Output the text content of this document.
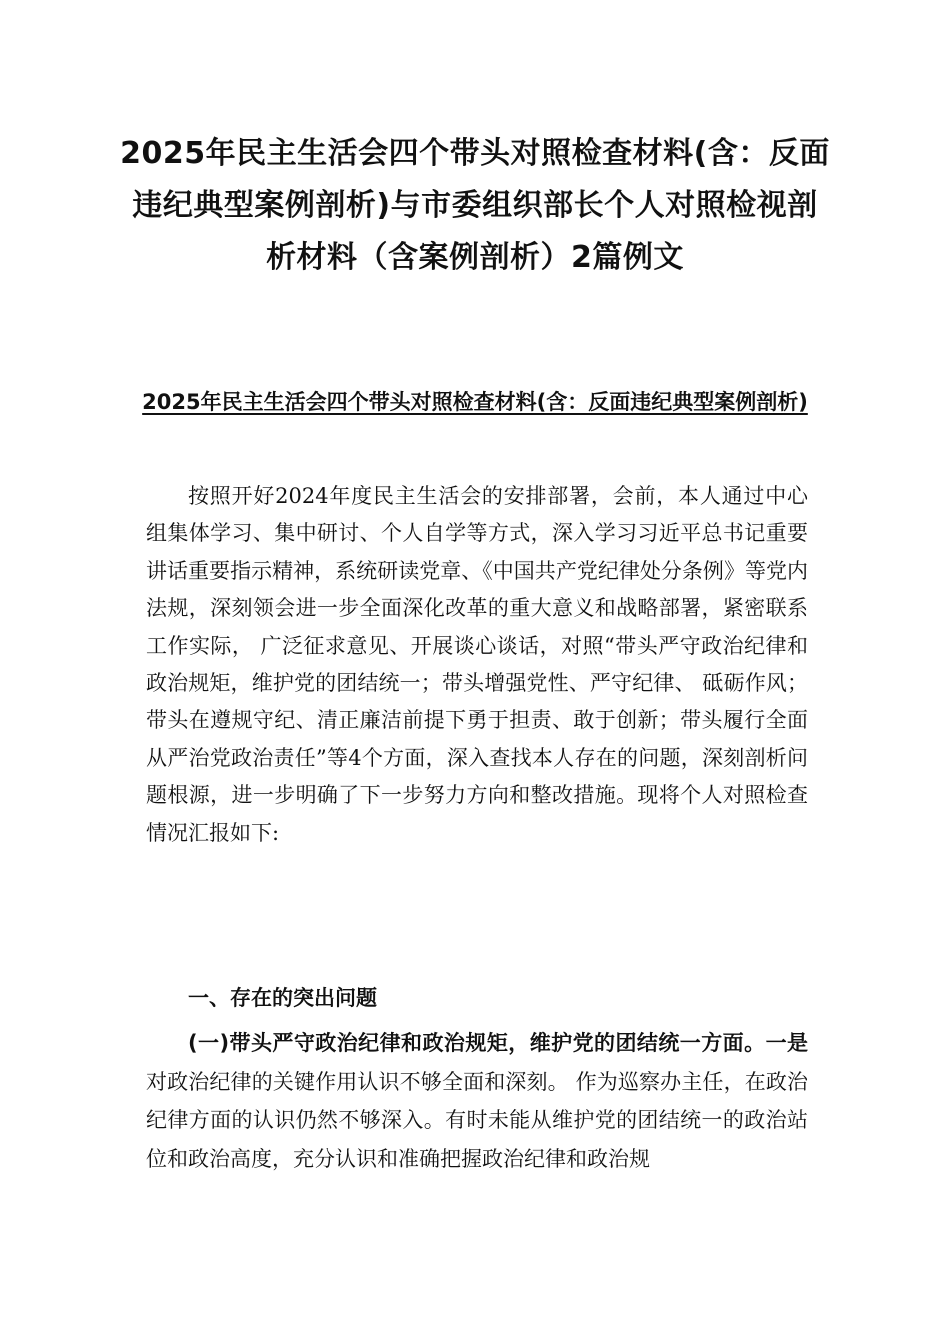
2025年民主生活会四个带头对照检查材料(含：反面违纪典型案例剖析)与市委组织部长个人对照检视剖析材料（含案例剖析）2篇例文
2025年民主生活会四个带头对照检查材料(含：反面违纪典型案例剖析)

按照开好2024年度民主生活会的安排部署，会前，本人通过中心组集体学习、集中研讨、个人自学等方式，深入学习习近平总书记重要讲话重要指示精神，系统研读党章、《中国共产党纪律处分条例》等党内法规，深刻领会进一步全面深化改革的重大意义和战略部署，紧密联系工作实际， 广泛征求意见、开展谈心谈话，对照“带头严守政治纪律和政治规矩，维护党的团结统一；带头增强党性、严守纪律、 砥砺作风；带头在遵规守纪、清正廉洁前提下勇于担责、敢于创新；带头履行全面从严治党政治责任”等4个方面，深入查找本人存在的问题，深刻剖析问题根源，进一步明确了下一步努力方向和整改措施。现将个人对照检查情况汇报如下:

一、存在的突出问题

(一)带头严守政治纪律和政治规矩，维护党的团结统一方面。一是对政治纪律的关键作用认识不够全面和深刻。 作为巡察办主任，在政治纪律方面的认识仍然不够深入。有时未能从维护党的团结统一的政治站位和政治高度，充分认识和准确把握政治纪律和政治规
